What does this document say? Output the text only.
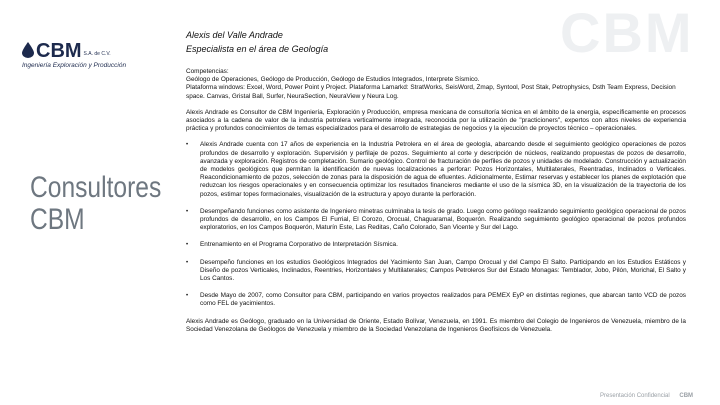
CBM
CBM S.A. de C.V.
Ingeniería Exploración y Producción
Consultores
CBM
Alexis del Valle Andrade
Especialista en el área de Geología

Competencias:

Geólogo de Operaciones, Geólogo de Producción, Geólogo de Estudios Integrados, Interprete Sísmico.

Plataforma windows: Excel, Word, Power Point y Project. Plataforma Lamarkd: StratWorks, SeisWord, Zmap, Syntool, Post Stak, Petrophysics, Dsth Team Express, Decision space. Canvas, Gristal Ball, Surfer, NeuraSection, NeuraView y Neura Log.

Alexis Andrade es Consultor de CBM Ingeniería, Exploración y Producción, empresa mexicana de consultoría técnica en el ámbito de la energía, específicamente en procesos asociados a la cadena de valor de la industria petrolera verticalmente integrada, reconocida por la utilización de "practicioners", expertos con altos niveles de experiencia práctica y profundos conocimientos de temas especializados para el desarrollo de estrategias de negocios y la ejecución de proyectos técnico – operacionales.

• Alexis Andrade cuenta con 17 años de experiencia en la Industria Petrolera en el área de geología, abarcando desde el seguimiento geológico operaciones de pozos profundos de desarrollo y exploración. Supervisión y perfilaje de pozos. Seguimiento al corte y descripción de núcleos, realizando propuestas de pozos de desarrollo, avanzada y exploración. Registros de completación. Sumario geológico. Control de fracturación de perfiles de pozos y unidades de modelado. Construcción y actualización de modelos geológicos que permitan la identificación de nuevas localizaciones a perforar: Pozos Horizontales, Multilaterales, Reentradas, Inclinados o Verticales. Reacondicionamiento de pozos, selección de zonas para la disposición de agua de efluentes. Adicionalmente, Estimar reservas y establecer los planes de explotación que reduzcan los riesgos operacionales y en consecuencia optimizar los resultados financieros mediante el uso de la sísmica 3D, en la visualización de la trayectoria de los pozos, estimar topes formacionales, visualización de la estructura y apoyo durante la perforación.
• Desempeñando funciones como asistente de Ingeniero minetras culminaba la tesis de grado. Luego como geólogo realizando seguimiento geológico operacional de pozos profundos de desarrollo, en los Campos El Furrial, El Corozo, Orocual, Chaguaramal, Boquerón. Realizando seguimiento geológico operacional de pozos profundos exploratorios, en los Campos Boquerón, Maturín Este, Las Reditas, Caño Colorado, San Vicente y Sur del Lago.
• Entrenamiento en el Programa Corporativo de Interpretación Sísmica.
• Desempeño funciones en los estudios Geológicos Integrados del Yacimiento San Juan, Campo Orocual y del Campo El Salto. Participando en los Estudios Estáticos y Diseño de pozos Verticales, Inclinados, Reentries, Horizontales y Multilaterales; Campos Petroleros Sur del Estado Monagas: Temblador, Jobo, Pilón, Morichal, El Salto y Los Cantos.
• Desde Mayo de 2007, como Consultor para CBM, participando en varios proyectos realizados para PEMEX EyP en distintas regiones, que abarcan tanto VCD de pozos como FEL de yacimientos.

Alexis Andrade es Geólogo, graduado en la Universidad de Oriente, Estado Bolívar, Venezuela, en 1991. Es miembro del Colegio de Ingenieros de Venezuela, miembro de la Sociedad Venezolana de Geólogos de Venezuela y miembro de la Sociedad Venezolana de Ingenieros Geofísicos de Venezuela.

Presentación Confidencial CBM
